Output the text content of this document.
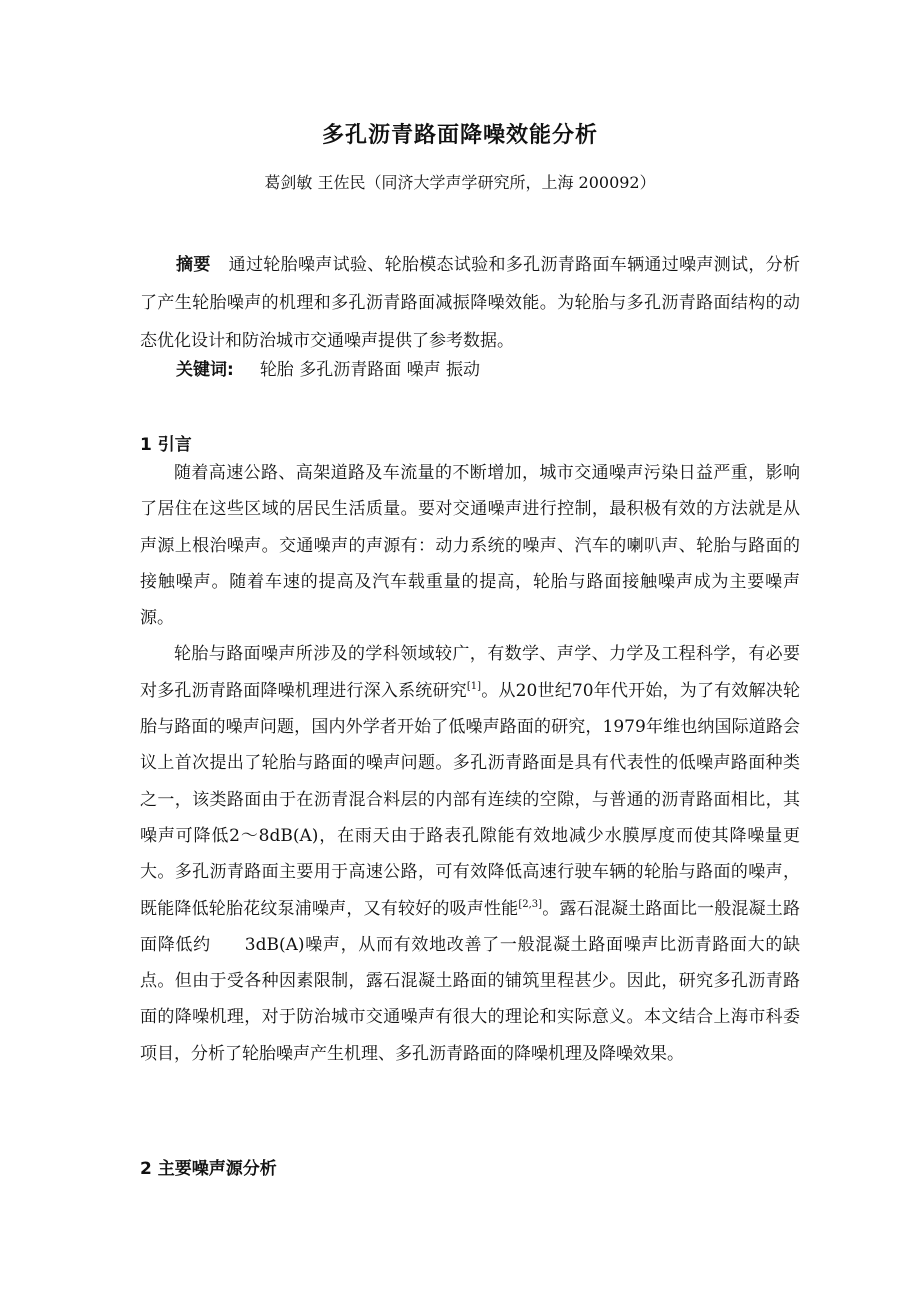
多孔沥青路面降噪效能分析

葛剑敏 王佐民（同济大学声学研究所，上海 200092）

摘要 通过轮胎噪声试验、轮胎模态试验和多孔沥青路面车辆通过噪声测试，分析了产生轮胎噪声的机理和多孔沥青路面减振降噪效能。为轮胎与多孔沥青路面结构的动态优化设计和防治城市交通噪声提供了参考数据。

关键词: 轮胎 多孔沥青路面 噪声 振动

1 引言

随着高速公路、高架道路及车流量的不断增加，城市交通噪声污染日益严重，影响了居住在这些区域的居民生活质量。要对交通噪声进行控制，最积极有效的方法就是从声源上根治噪声。交通噪声的声源有：动力系统的噪声、汽车的喇叭声、轮胎与路面的接触噪声。随着车速的提高及汽车载重量的提高，轮胎与路面接触噪声成为主要噪声源。

轮胎与路面噪声所涉及的学科领域较广，有数学、声学、力学及工程科学，有必要对多孔沥青路面降噪机理进行深入系统研究[1]。从20世纪70年代开始，为了有效解决轮胎与路面的噪声问题，国内外学者开始了低噪声路面的研究，1979年维也纳国际道路会议上首次提出了轮胎与路面的噪声问题。多孔沥青路面是具有代表性的低噪声路面种类之一，该类路面由于在沥青混合料层的内部有连续的空隙，与普通的沥青路面相比，其噪声可降低2～8dB(A)，在雨天由于路表孔隙能有效地减少水膜厚度而使其降噪量更大。多孔沥青路面主要用于高速公路，可有效降低高速行驶车辆的轮胎与路面的噪声，既能降低轮胎花纹泵浦噪声，又有较好的吸声性能[2,3]。露石混凝土路面比一般混凝土路面降低约 3dB(A)噪声，从而有效地改善了一般混凝土路面噪声比沥青路面大的缺点。但由于受各种因素限制，露石混凝土路面的铺筑里程甚少。因此，研究多孔沥青路面的降噪机理，对于防治城市交通噪声有很大的理论和实际意义。本文结合上海市科委项目，分析了轮胎噪声产生机理、多孔沥青路面的降噪机理及降噪效果。

2 主要噪声源分析
